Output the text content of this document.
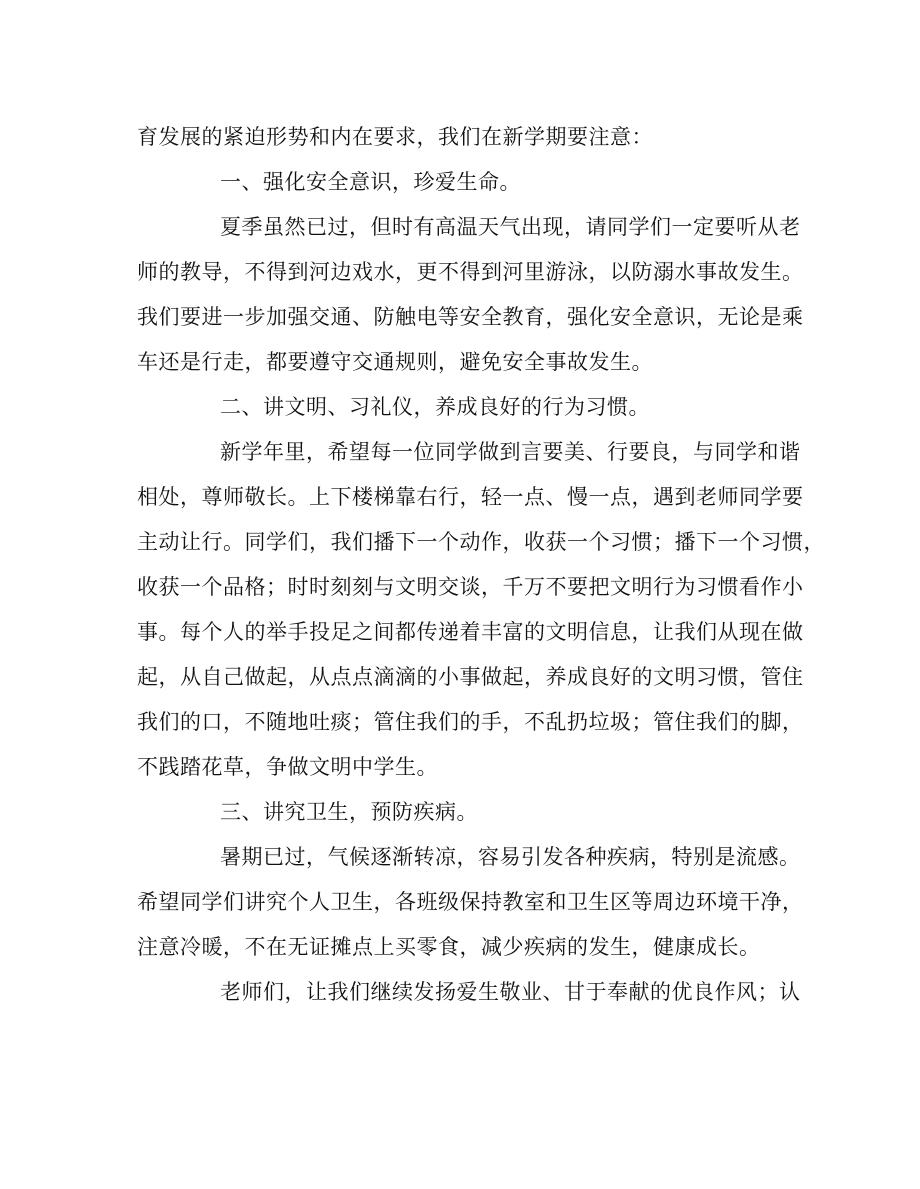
育发展的紧迫形势和内在要求，我们在新学期要注意：
一、强化安全意识，珍爱生命。
夏季虽然已过，但时有高温天气出现，请同学们一定要听从老
师的教导，不得到河边戏水，更不得到河里游泳，以防溺水事故发生。
我们要进一步加强交通、防触电等安全教育，强化安全意识，无论是乘
车还是行走，都要遵守交通规则，避免安全事故发生。
二、讲文明、习礼仪，养成良好的行为习惯。
新学年里，希望每一位同学做到言要美、行要良，与同学和谐
相处，尊师敬长。上下楼梯靠右行，轻一点、慢一点，遇到老师同学要
主动让行。同学们，我们播下一个动作，收获一个习惯；播下一个习惯，
收获一个品格；时时刻刻与文明交谈，千万不要把文明行为习惯看作小
事。每个人的举手投足之间都传递着丰富的文明信息，让我们从现在做
起，从自己做起，从点点滴滴的小事做起，养成良好的文明习惯，管住
我们的口，不随地吐痰；管住我们的手，不乱扔垃圾；管住我们的脚，
不践踏花草，争做文明中学生。
三、讲究卫生，预防疾病。
暑期已过，气候逐渐转凉，容易引发各种疾病，特别是流感。
希望同学们讲究个人卫生，各班级保持教室和卫生区等周边环境干净，
注意冷暖，不在无证摊点上买零食，减少疾病的发生，健康成长。
老师们，让我们继续发扬爱生敬业、甘于奉献的优良作风；认
